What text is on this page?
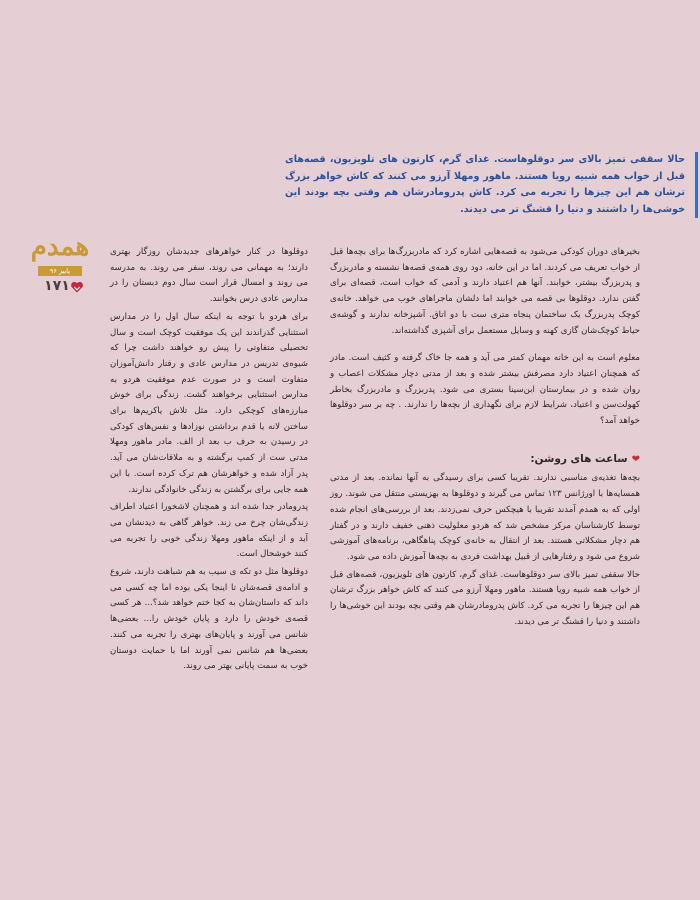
حالا سقفی تمیز بالای سر دوقلوهاست. غذای گرم، کارتون های تلویزیون، قصه‌های قبل از خواب همه شبیه رویا هستند. ماهور ومهلا آرزو می کنند که کاش خواهر بزرگ ترشان هم این چیزها را تجربه می کرد. کاش پدرومادرشان هم وقتی بچه بودند این خوشی‌ها را داشتند و دنیا را قشنگ تر می دیدند.

بخیرهای دوران کودکی می‌شود به قصه‌هایی اشاره کرد که مادربزرگ‌ها برای بچه‌ها قبل از خواب تعریف می کردند. اما در این خانه، دود روی همه‌ی قصه‌ها نشسته و مادربزرگ و پدربزرگ بیشتر، خوابند. آنها هم اعتیاد دارند و آدمی که خواب است، قصه‌ای برای گفتن ندارد. دوقلوها بی قصه می خوابند اما دلشان ماجراهای خوب می خواهد. خانه‌ی کوچک پدربزرگ یک ساختمان پنجاه متری ست با دو اتاق. آشپزخانه ندارند و گوشه‌ی حیاط کوچک‌شان گازی کهنه و وسایل مستعمل برای آشپزی گذاشته‌اند.

معلوم است به این خانه مهمان کمتر می آید و همه جا خاک گرفته و کثیف است. مادر که همچنان اعتیاد دارد مصرفش بیشتر شده و بعد از مدتی دچار مشکلات اعصاب و روان شده و در بیمارستان ابن‌سینا بستری می شود. پدربزرگ و مادربزرگ بخاطر کهولت‌سن و اعتیاد، شرایط لازم برای نگهداری از بچه‌ها را ندارند. . چه بر سر دوقلوها خواهد آمد؟

❤
ساعت های روشن:

بچه‌ها تغذیه‌ی مناسبی ندارند. تقریبا کسی برای رسیدگی به آنها نمانده. بعد از مدتی همسایه‌ها با اورژانس ۱۲۳ تماس می گیرند و دوقلوها به بهزیستی منتقل می شوند. روز اولی که به همدم آمدند تقریبا با هیچکس حرف نمی‌زدند. بعد از بررسی‌های انجام شده توسط کارشناسان مرکز مشخص شد که هردو معلولیت ذهنی خفیف دارند و در گفتار هم دچار مشکلاتی هستند. بعد از انتقال به خانه‌ی کوچک پناهگاهی، برنامه‌های آموزشی شروع می شود و رفتارهایی از قبیل بهداشت فردی به بچه‌ها آموزش داده می شود.

حالا سقفی تمیز بالای سر دوقلوهاست. غذای گرم، کارتون های تلویزیون، قصه‌های قبل از خواب همه شبیه رویا هستند. ماهور ومهلا آرزو می کنند که کاش خواهر بزرگ ترشان هم این چیزها را تجربه می کرد. کاش پدرومادرشان هم وقتی بچه بودند این خوشی‌ها را داشتند و دنیا را قشنگ تر می دیدند.

دوقلوها در کنار خواهرهای جدیدشان روزگار بهتری دارند؛ به مهمانی می روند، سفر می روند. به مدرسه می روند و امسال قرار است سال دوم دبستان را در مدارس عادی درس بخوانند.

برای هردو با توجه به اینکه سال اول را در مدارس استثنایی گذراندند این یک موفقیت کوچک است و سال تحصیلی متفاوتی را پیش رو خواهند داشت چرا که شیوه‌ی تدریس در مدارس عادی و رفتار دانش‌آموزان متفاوت است و در صورت عدم موفقیت هردو به مدارس استثنایی برخواهند گشت. زندگی برای خوش مبارزه‌های کوچکی دارد. مثل تلاش یاکریم‌ها برای ساختن لانه یا قدم برداشتن نوزادها و نفس‌های کودکی در رسیدن به حرف ب بعد از الف. مادر ماهور ومهلا مدتی ست از کمپ برگشته و به ملاقات‌شان می آید. پدر آزاد شده و خواهرشان هم ترک کرده است. با این همه جایی برای برگشتن به زندگی خانوادگی ندارند.

پدرومادر جدا شده اند و همچنان لاشخورا اعتیاد اطراف زندگی‌شان چرخ می زند. خواهر گاهی به دیدنشان می آید و از اینکه ماهور ومهلا زندگی خوبی را تجربه می کنند خوشحال است.

دوقلوها مثل دو تکه ی سیب به هم شباهت دارند، شروع و ادامه‌ی قصه‌شان تا اینجا یکی بوده اما چه کسی می داند که داستان‌شان به کجا ختم خواهد شد؟... هر کسی قصه‌ی خودش را دارد و پایان خودش را... بعضی‌ها شانس می آورند و پایان‌های بهتری را تجربه می کنند. بعضی‌ها هم شانس نمی آورند اما با حمایت دوستان خوب به سمت پایانی بهتر می روند.

همدم
پاییز ۹۶
۱۷۱
